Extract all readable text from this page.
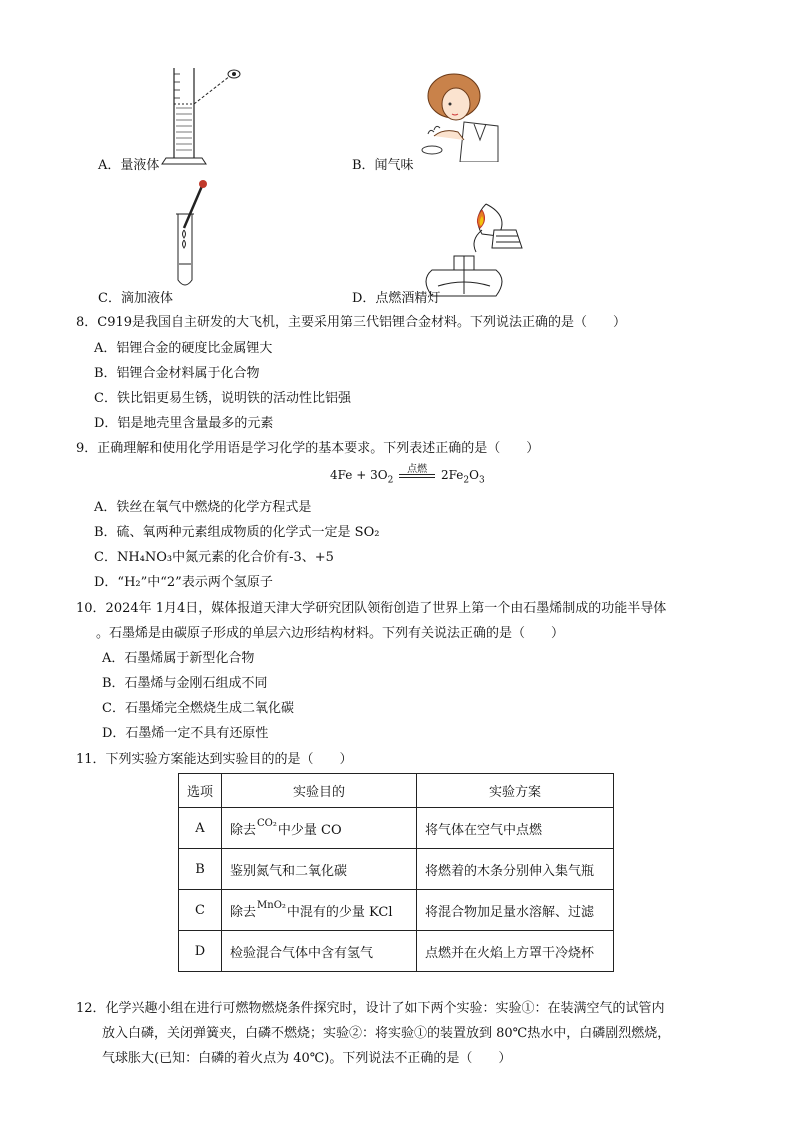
A．量液体	B．闻气味
C．滴加液体	D．点燃酒精灯
8．C919是我国自主研发的大飞机，主要采用第三代铝锂合金材料。下列说法正确的是（　　）
A．铝锂合金的硬度比金属锂大
B．铝锂合金材料属于化合物
C．铁比铝更易生锈，说明铁的活动性比铝强
D．铝是地壳里含量最多的元素
9．正确理解和使用化学用语是学习化学的基本要求。下列表述正确的是（　　）
$4Fe + 3O_2$
点燃	$2Fe_2O_3$
A．铁丝在氧气中燃烧的化学方程式是
B．硫、氧两种元素组成物质的化学式一定是 SO₂
C．NH₄NO₃中氮元素的化合价有-3、+5
D．“H₂”中“2”表示两个氢原子
10．2024年 1月4日，媒体报道天津大学研究团队领衔创造了世界上第一个由石墨烯制成的功能半导体
。石墨烯是由碳原子形成的单层六边形结构材料。下列有关说法正确的是（　　）
A．石墨烯属于新型化合物
B．石墨烯与金刚石组成不同
C．石墨烯完全燃烧生成二氧化碳
D．石墨烯一定不具有还原性
11．下列实验方案能达到实验目的的是（　　）
选项	实验目的	实验方案
A	除去$^{CO_2}$中少量 CO	将气体在空气中点燃
B	鉴别氮气和二氧化碳	将燃着的木条分别伸入集气瓶
C	除去$^{MnO_2}$中混有的少量 KCl	将混合物加足量水溶解、过滤
D	检验混合气体中含有氢气	点燃并在火焰上方罩干冷烧杯
12．化学兴趣小组在进行可燃物燃烧条件探究时，设计了如下两个实验：实验①：在装满空气的试管内
放入白磷，关闭弹簧夹，白磷不燃烧；实验②：将实验①的装置放到 80℃热水中，白磷剧烈燃烧，
气球胀大(已知：白磷的着火点为 40℃)。下列说法不正确的是（　　）
